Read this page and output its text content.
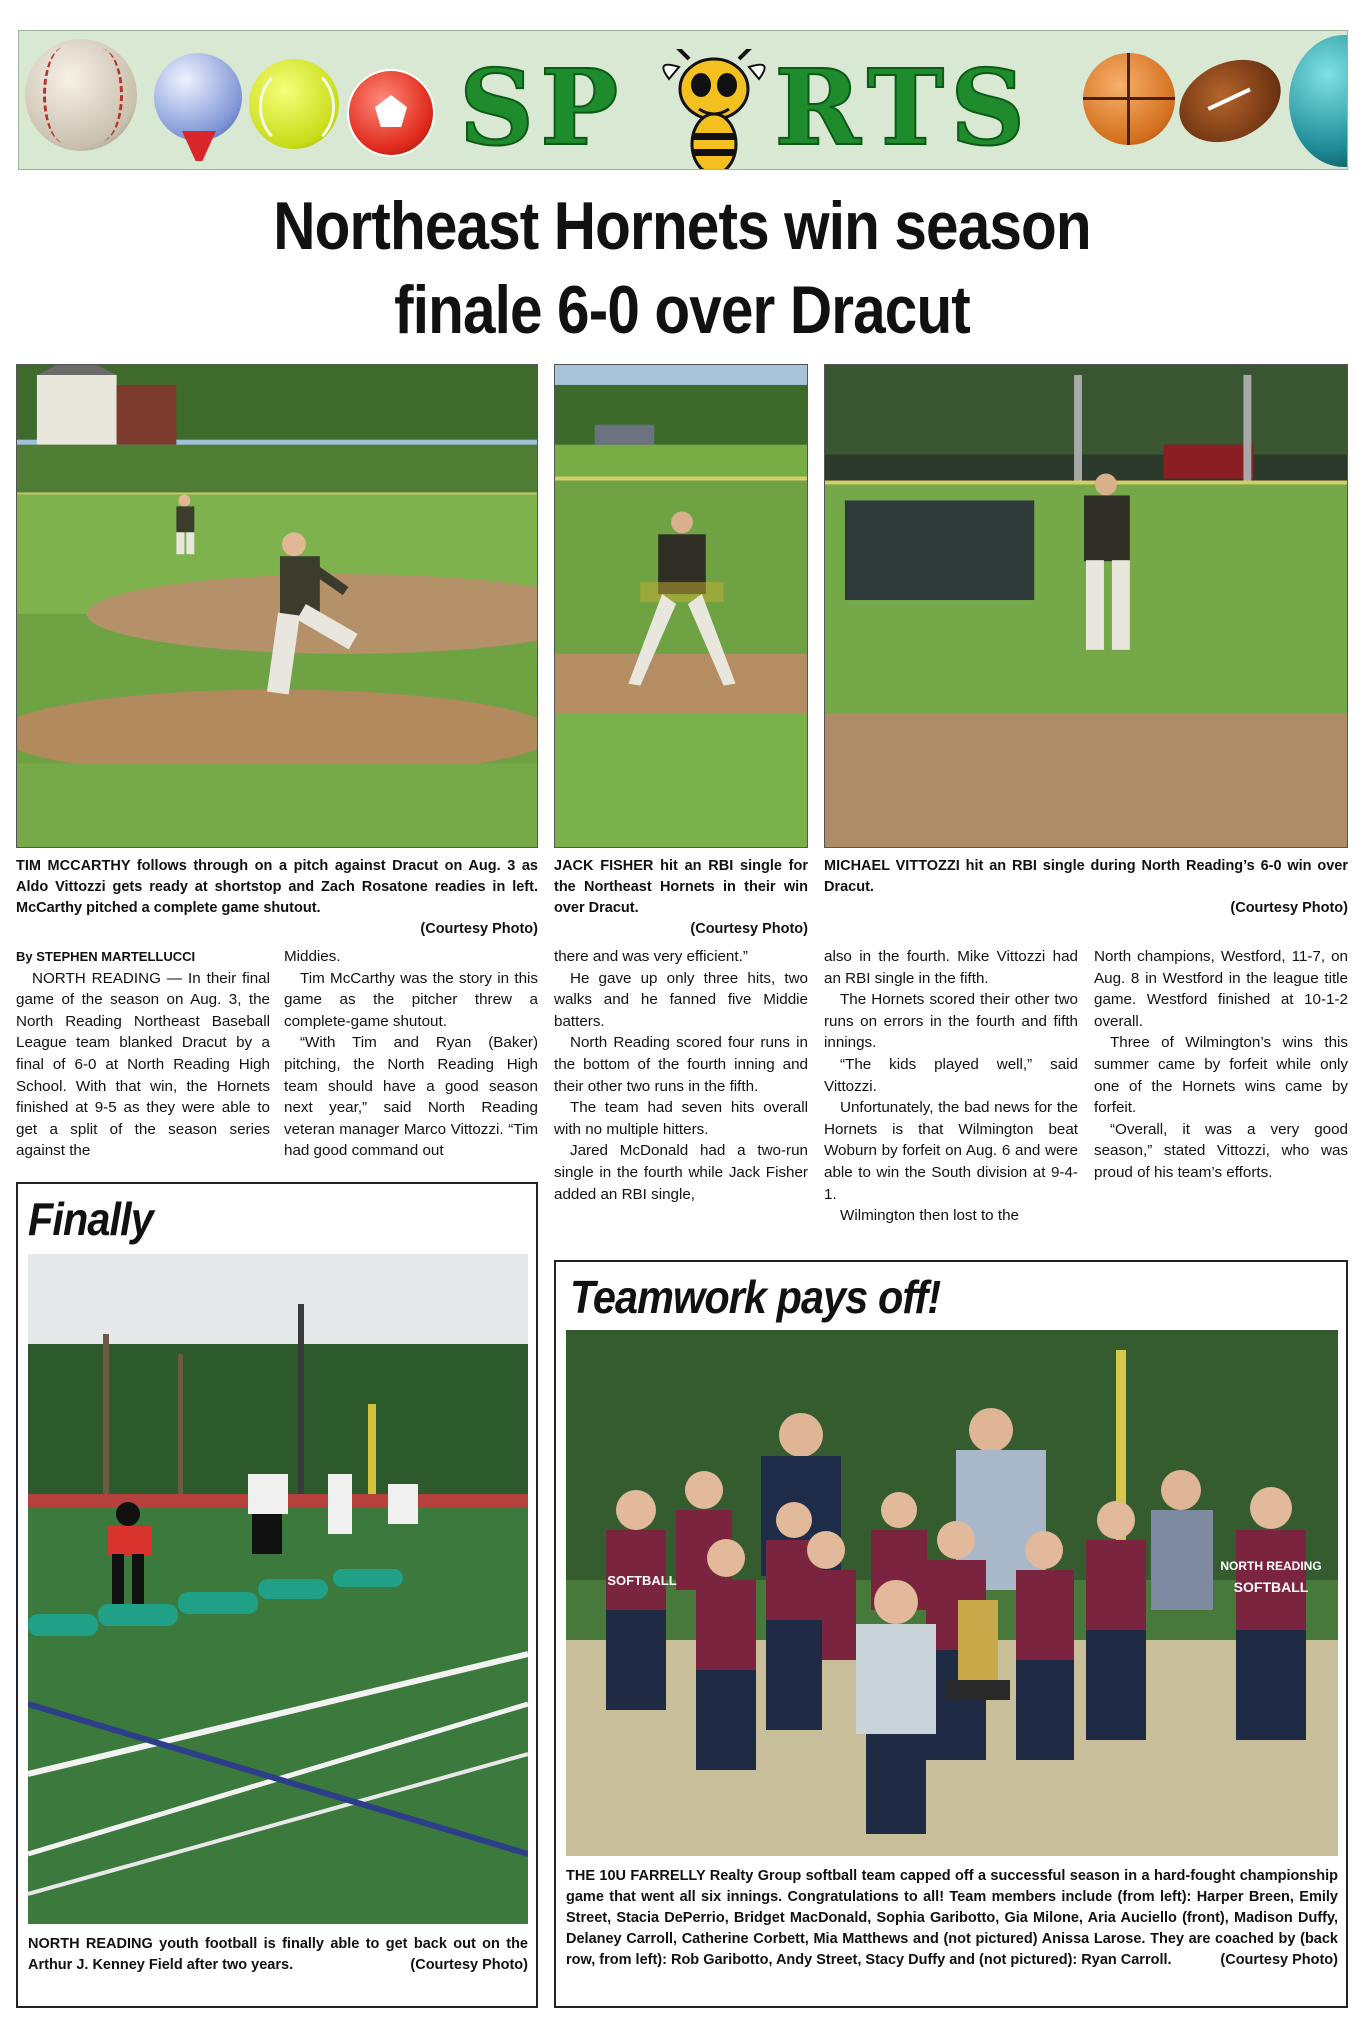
S P R T S
Northeast Hornets win season
finale 6-0 over Dracut
TIM MCCARTHY follows through on a pitch against Dracut on Aug. 3 as Aldo Vittozzi gets ready at shortstop and Zach Rosatone readies in left. McCarthy pitched a complete game shutout.
(Courtesy Photo)
JACK FISHER hit an RBI single for the Northeast Hornets in their win over Dracut.
(Courtesy Photo)
MICHAEL VITTOZZI hit an RBI single during North Reading’s 6-0 win over Dracut.
(Courtesy Photo)

By STEPHEN MARTELLUCCI

NORTH READING — In their final game of the season on Aug. 3, the North Reading Northeast Baseball League team blanked Dracut by a final of 6-0 at North Reading High School. With that win, the Hornets finished at 9-5 as they were able to get a split of the season series against the

Middies.

Tim McCarthy was the story in this game as the pitcher threw a complete-game shutout.

“With Tim and Ryan (Baker) pitching, the North Reading High team should have a good season next year,” said North Reading veteran manager Marco Vittozzi. “Tim had good command out

there and was very efficient.”

He gave up only three hits, two walks and he fanned five Middie batters.

North Reading scored four runs in the bottom of the fourth inning and their other two runs in the fifth.

The team had seven hits overall with no multiple hitters.

Jared McDonald had a two-run single in the fourth while Jack Fisher added an RBI single,

also in the fourth. Mike Vittozzi had an RBI single in the fifth.

The Hornets scored their other two runs on errors in the fourth and fifth innings.

“The kids played well,” said Vittozzi.

Unfortunately, the bad news for the Hornets is that Wilmington beat Woburn by forfeit on Aug. 6 and were able to win the South division at 9-4-1.

Wilmington then lost to the

North champions, Westford, 11-7, on Aug. 8 in Westford in the league title game. Westford finished at 10-1-2 overall.

Three of Wilmington’s wins this summer came by forfeit while only one of the Hornets wins came by forfeit.

“Overall, it was a very good season,” stated Vittozzi, who was proud of his team’s efforts.

Finally
NORTH READING youth football is finally able to get back out on the Arthur J. Kenney Field after two years.	(Courtesy Photo)
Teamwork pays off!
SOFTBALL
NORTH READING
SOFTBALL
THE 10U FARRELLY Realty Group softball team capped off a successful season in a hard-fought championship game that went all six innings. Congratulations to all! Team members include (from left): Harper Breen, Emily Street, Stacia DePerrio, Bridget MacDonald, Sophia Garibotto, Gia Milone, Aria Auciello (front), Madison Duffy, Delaney Carroll, Catherine Corbett, Mia Matthews and (not pictured) Anissa Larose. They are coached by (back row, from left): Rob Garibotto, Andy Street, Stacy Duffy and (not pictured): Ryan Carroll.	(Courtesy Photo)
